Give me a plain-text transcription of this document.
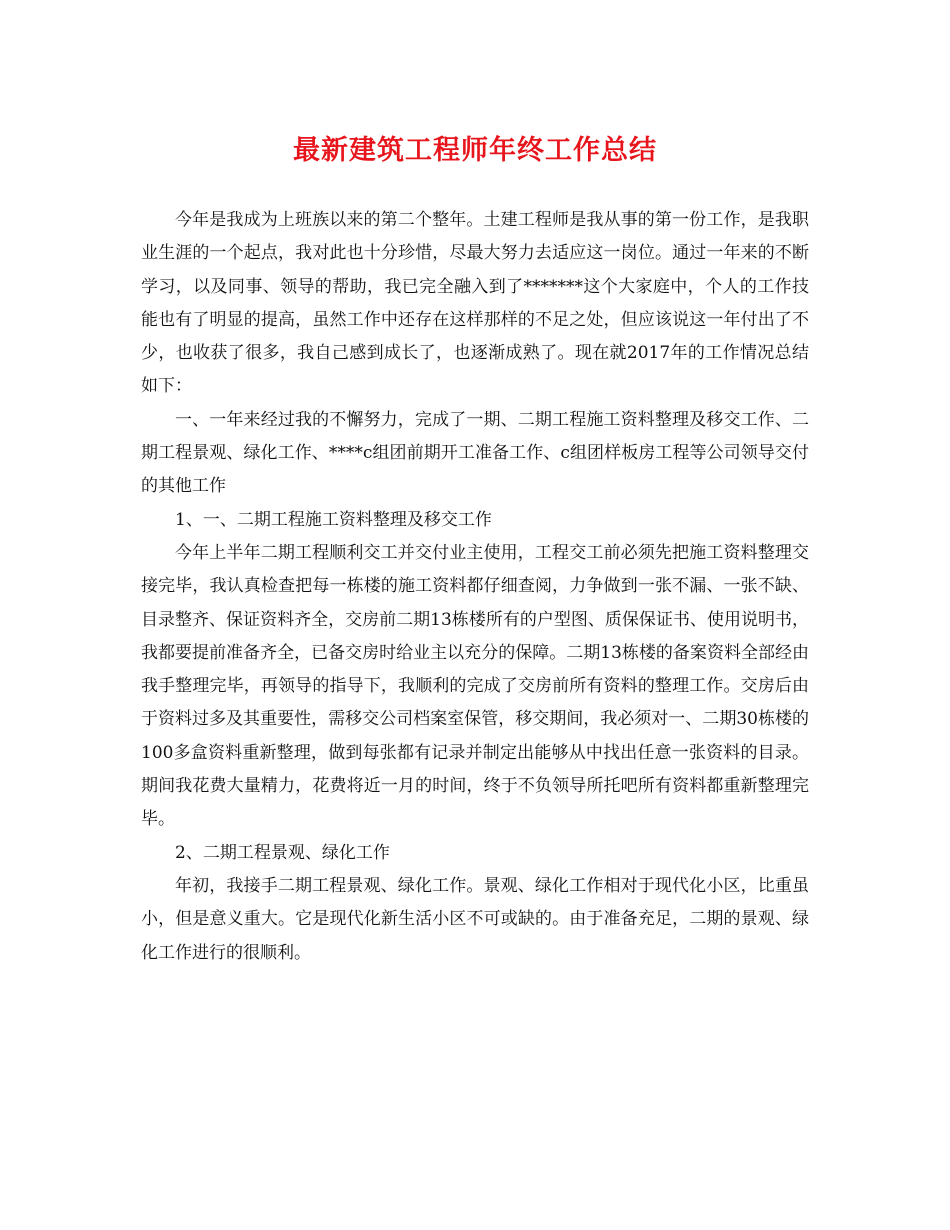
最新建筑工程师年终工作总结

今年是我成为上班族以来的第二个整年。土建工程师是我从事的第一份工作，是我职业生涯的一个起点，我对此也十分珍惜，尽最大努力去适应这一岗位。通过一年来的不断学习，以及同事、领导的帮助，我已完全融入到了*******这个大家庭中，个人的工作技能也有了明显的提高，虽然工作中还存在这样那样的不足之处，但应该说这一年付出了不少，也收获了很多，我自己感到成长了，也逐渐成熟了。现在就2017年的工作情况总结如下：

一、一年来经过我的不懈努力，完成了一期、二期工程施工资料整理及移交工作、二期工程景观、绿化工作、****c组团前期开工准备工作、c组团样板房工程等公司领导交付的其他工作

1、一、二期工程施工资料整理及移交工作

今年上半年二期工程顺利交工并交付业主使用，工程交工前必须先把施工资料整理交接完毕，我认真检查把每一栋楼的施工资料都仔细查阅，力争做到一张不漏、一张不缺、目录整齐、保证资料齐全，交房前二期13栋楼所有的户型图、质保保证书、使用说明书，我都要提前准备齐全，已备交房时给业主以充分的保障。二期13栋楼的备案资料全部经由我手整理完毕，再领导的指导下，我顺利的完成了交房前所有资料的整理工作。交房后由于资料过多及其重要性，需移交公司档案室保管，移交期间，我必须对一、二期30栋楼的100多盒资料重新整理，做到每张都有记录并制定出能够从中找出任意一张资料的目录。期间我花费大量精力，花费将近一月的时间，终于不负领导所托吧所有资料都重新整理完毕。

2、二期工程景观、绿化工作

年初，我接手二期工程景观、绿化工作。景观、绿化工作相对于现代化小区，比重虽小，但是意义重大。它是现代化新生活小区不可或缺的。由于准备充足，二期的景观、绿化工作进行的很顺利。
